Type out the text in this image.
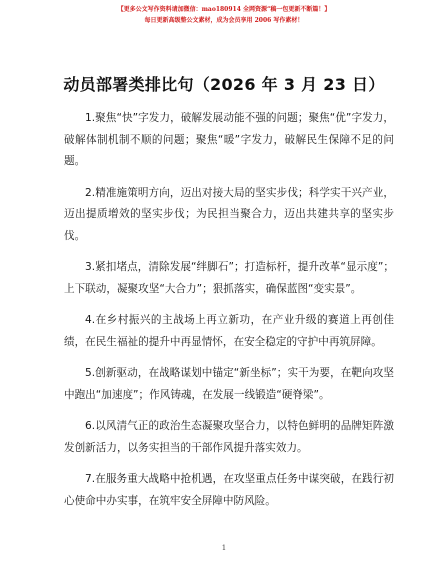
【更多公文写作资料请加微信：mao180914 全网资源“稿一包更新不断篇！】
每日更新高级整公文素材，成为会员享用 2006 写作素材！
动员部署类排比句（2026 年 3 月 23 日）

1.聚焦“快”字发力，破解发展动能不强的问题；聚焦“优”字发力，破解体制机制不顺的问题；聚焦“暖”字发力，破解民生保障不足的问题。

2.精准施策明方向，迈出对接大局的坚实步伐；科学实干兴产业，迈出提质增效的坚实步伐；为民担当聚合力，迈出共建共享的坚实步伐。

3.紧扣堵点，清除发展“绊脚石”；打造标杆，提升改革“显示度”；上下联动，凝聚攻坚“大合力”；狠抓落实，确保蓝图“变实景”。

4.在乡村振兴的主战场上再立新功，在产业升级的赛道上再创佳绩，在民生福祉的提升中再显情怀，在安全稳定的守护中再筑屏障。

5.创新驱动，在战略谋划中锚定“新坐标”；实干为要，在靶向攻坚中跑出“加速度”；作风铸魂，在发展一线锻造“硬脊梁”。

6.以风清气正的政治生态凝聚攻坚合力，以特色鲜明的品牌矩阵激发创新活力，以务实担当的干部作风提升落实效力。

7.在服务重大战略中抢机遇，在攻坚重点任务中谋突破，在践行初心使命中办实事，在筑牢安全屏障中防风险。

1
